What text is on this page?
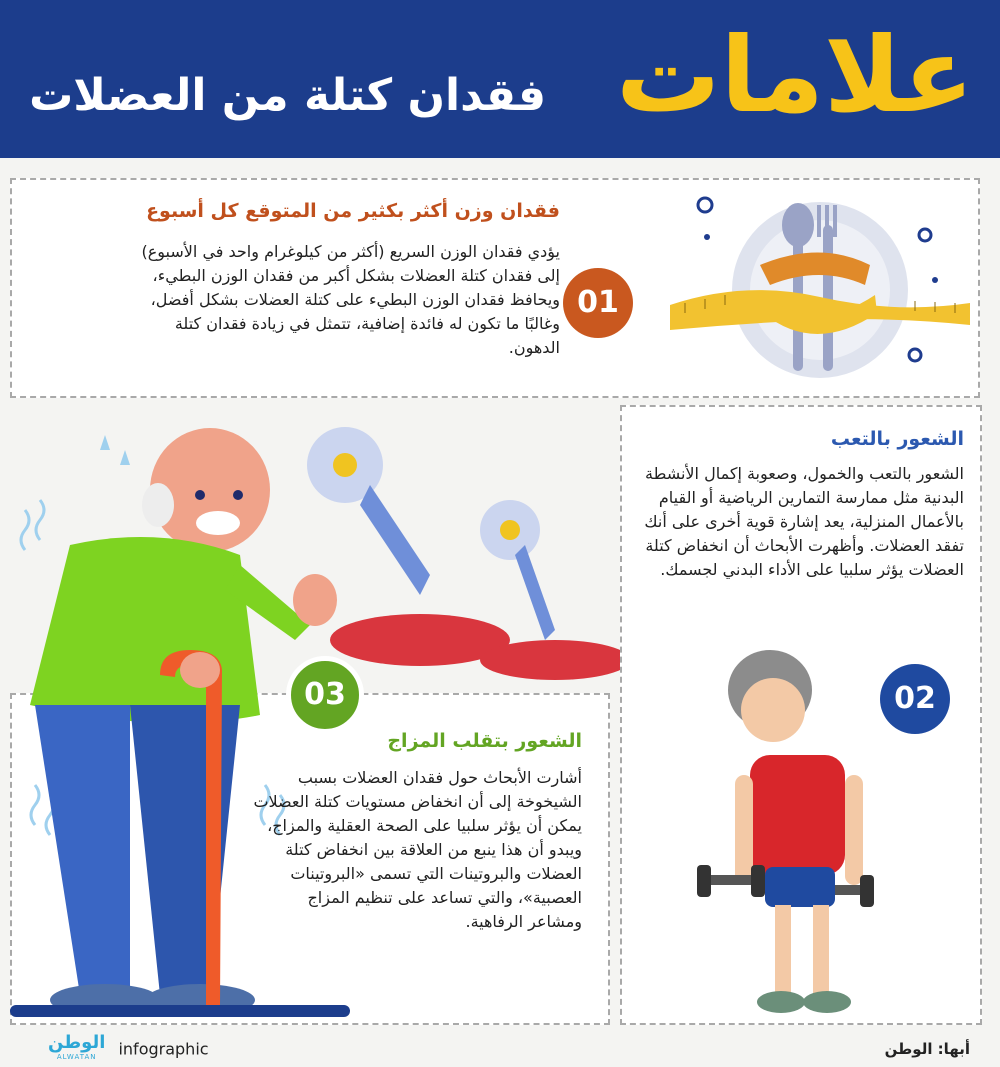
علامات
فقدان كتلة من العضلات
فقدان وزن أكثر بكثير من المتوقع كل أسبوع
يؤدي فقدان الوزن السريع (أكثر من كيلوغرام واحد في الأسبوع) إلى فقدان كتلة العضلات بشكل أكبر من فقدان الوزن البطيء، ويحافظ فقدان الوزن البطيء على كتلة العضلات بشكل أفضل، وغالبًا ما تكون له فائدة إضافية، تتمثل في زيادة فقدان كتلة الدهون.
01
الشعور بالتعب
الشعور بالتعب والخمول، وصعوبة إكمال الأنشطة البدنية مثل ممارسة التمارين الرياضية أو القيام بالأعمال المنزلية، يعد إشارة قوية أخرى على أنك تفقد العضلات. وأظهرت الأبحاث أن انخفاض كتلة العضلات يؤثر سلبيا على الأداء البدني لجسمك.
02
الشعور بتقلب المزاج
أشارت الأبحاث حول فقدان العضلات بسبب الشيخوخة إلى أن انخفاض مستويات كتلة العضلات يمكن أن يؤثر سلبيا على الصحة العقلية والمزاج، ويبدو أن هذا ينبع من العلاقة بين انخفاض كتلة العضلات والبروتينات التي تسمى «البروتينات العصبية»، والتي تساعد على تنظيم المزاج ومشاعر الرفاهية.
03
أبها: الوطن
الوطن
ALWATAN	infographic
